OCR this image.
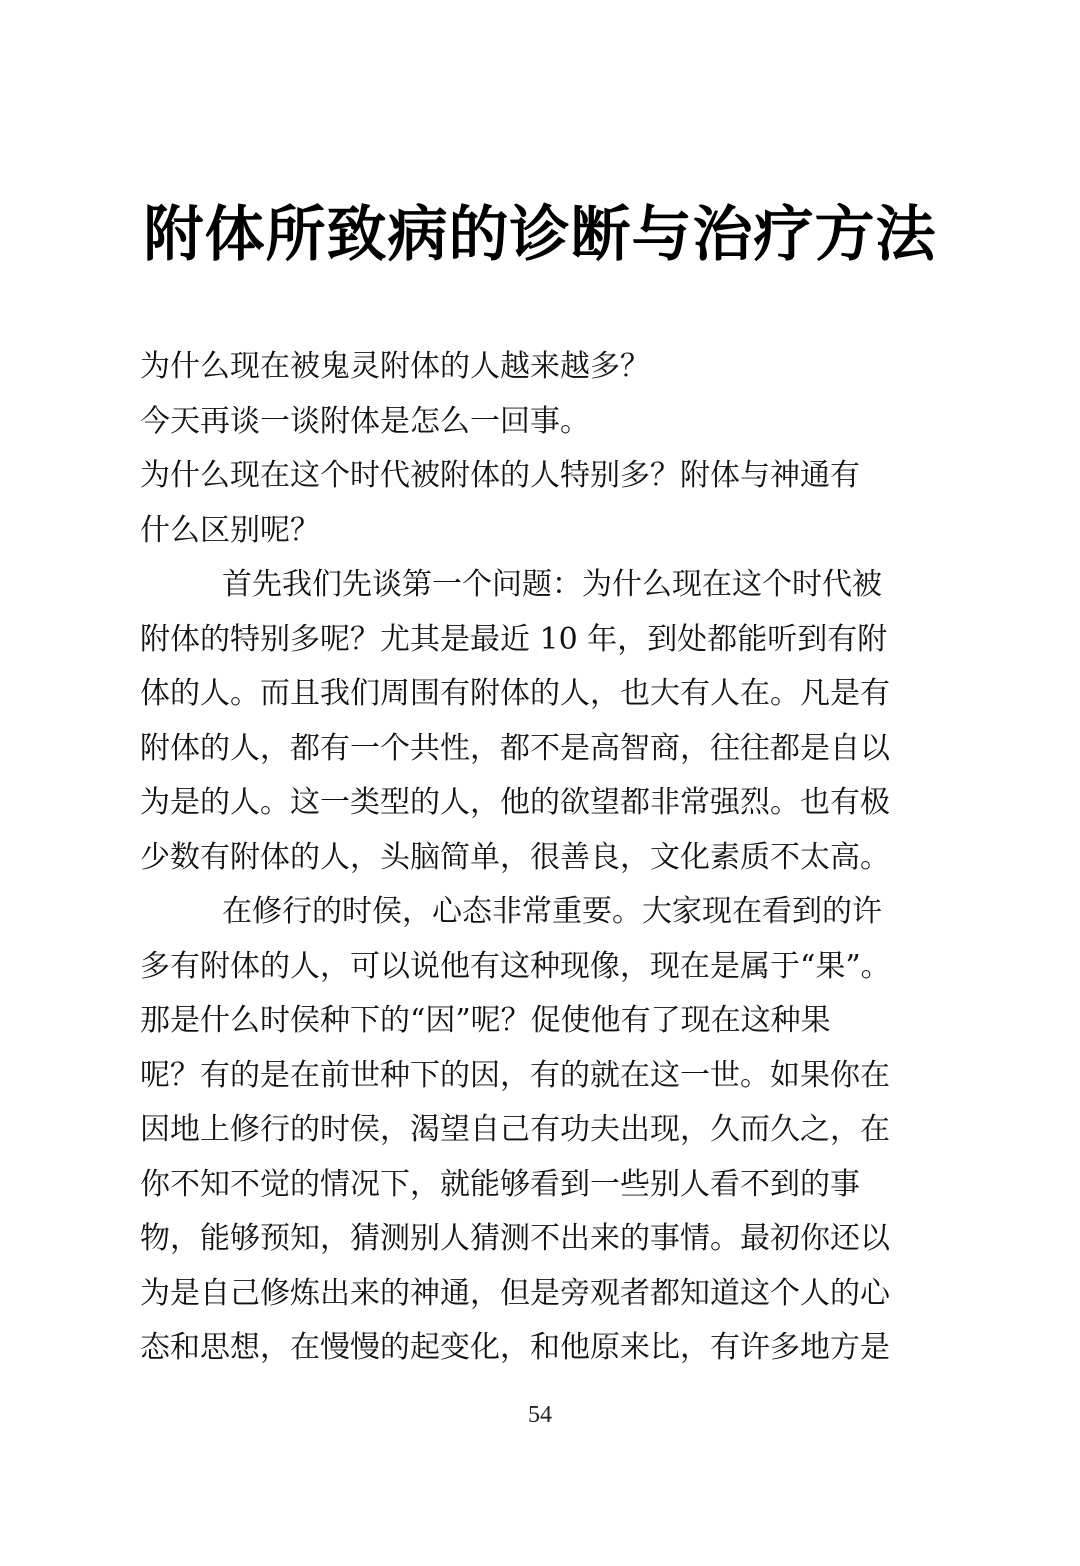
附体所致病的诊断与治疗方法
为什么现在被鬼灵附体的人越来越多？
今天再谈一谈附体是怎么一回事。
为什么现在这个时代被附体的人特别多？附体与神通有
什么区别呢？
首先我们先谈第一个问题：为什么现在这个时代被
附体的特别多呢？尤其是最近 10 年，到处都能听到有附
体的人。而且我们周围有附体的人，也大有人在。凡是有
附体的人，都有一个共性，都不是高智商，往往都是自以
为是的人。这一类型的人，他的欲望都非常强烈。也有极
少数有附体的人，头脑简单，很善良，文化素质不太高。
在修行的时侯，心态非常重要。大家现在看到的许
多有附体的人，可以说他有这种现像，现在是属于“果”。
那是什么时侯种下的“因”呢？促使他有了现在这种果
呢？有的是在前世种下的因，有的就在这一世。如果你在
因地上修行的时侯，渴望自己有功夫出现，久而久之，在
你不知不觉的情况下，就能够看到一些别人看不到的事
物，能够预知，猜测别人猜测不出来的事情。最初你还以
为是自己修炼出来的神通，但是旁观者都知道这个人的心
态和思想，在慢慢的起变化，和他原来比，有许多地方是
54
